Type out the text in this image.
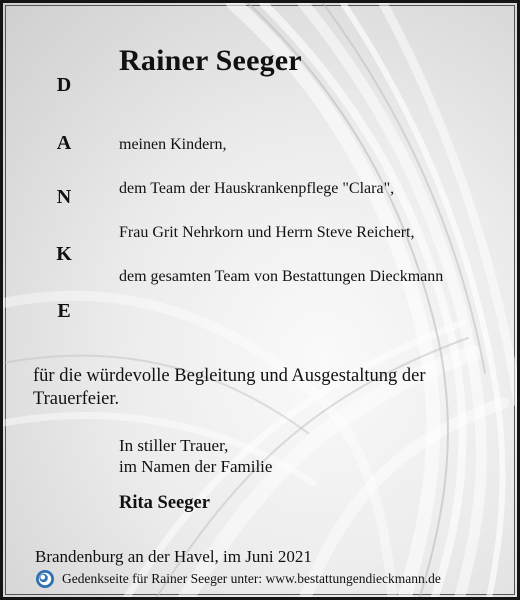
Rainer Seeger
D
A
N
K
E
meinen Kindern,
dem Team der Hauskrankenpflege "Clara",
Frau Grit Nehrkorn und Herrn Steve Reichert,
dem gesamten Team von Bestattungen Dieckmann
für die würdevolle Begleitung und Ausgestaltung der Trauerfeier.
In stiller Trauer,
im Namen der Familie
Rita Seeger
Brandenburg an der Havel, im Juni 2021
Gedenkseite für Rainer Seeger unter: www.bestattungendieckmann.de
